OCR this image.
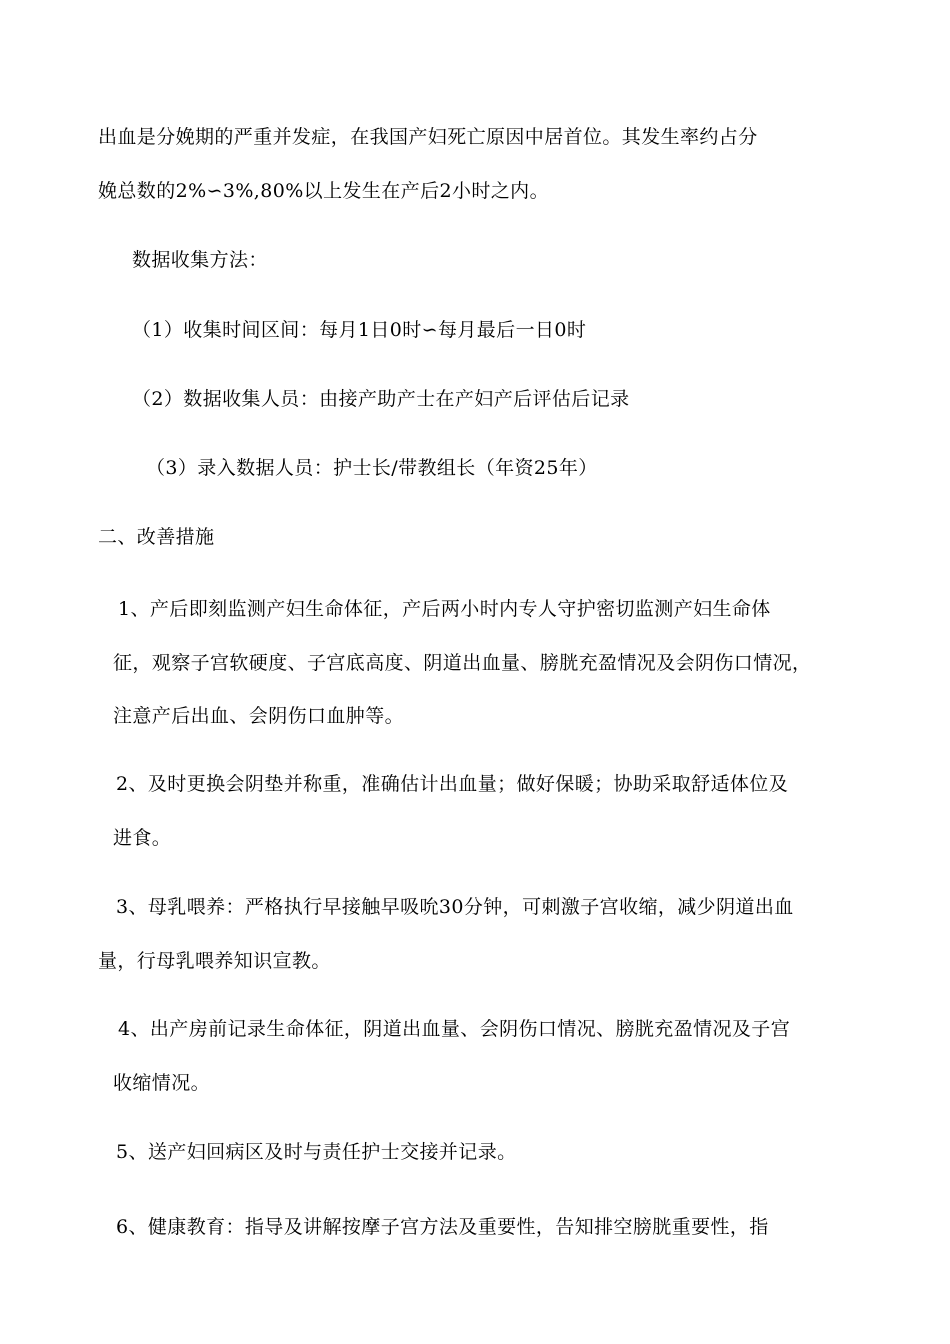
出血是分娩期的严重并发症，在我国产妇死亡原因中居首位。其发生率约占分
娩总数的2%∽3%,80%以上发生在产后2小时之内。
数据收集方法：
（1）收集时间区间：每月1日0时∽每月最后一日0时
（2）数据收集人员：由接产助产士在产妇产后评估后记录
（3）录入数据人员：护士长/带教组长（年资25年）
二、改善措施
1、产后即刻监测产妇生命体征，产后两小时内专人守护密切监测产妇生命体
征，观察子宫软硬度、子宫底高度、阴道出血量、膀胱充盈情况及会阴伤口情况，
注意产后出血、会阴伤口血肿等。
2、及时更换会阴垫并称重，准确估计出血量；做好保暖；协助采取舒适体位及
进食。
3、母乳喂养：严格执行早接触早吸吮30分钟，可刺激子宫收缩，减少阴道出血
量，行母乳喂养知识宣教。
4、出产房前记录生命体征，阴道出血量、会阴伤口情况、膀胱充盈情况及子宫
收缩情况。
5、送产妇回病区及时与责任护士交接并记录。
6、健康教育：指导及讲解按摩子宫方法及重要性，告知排空膀胱重要性，指
